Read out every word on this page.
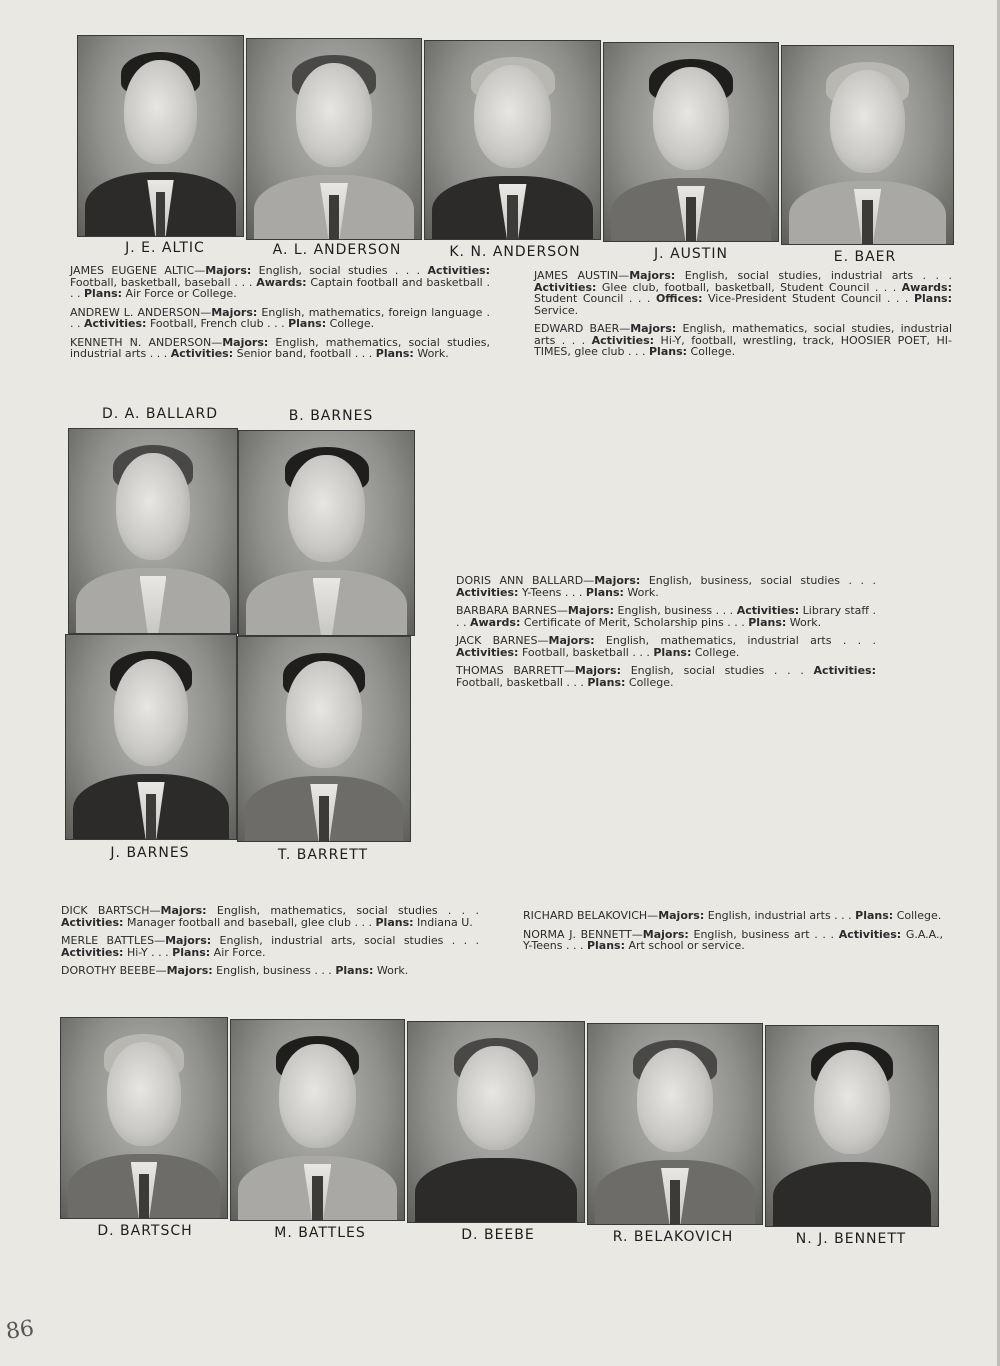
J. E. ALTIC	A. L. ANDERSON	K. N. ANDERSON	J. AUSTIN	E. BAER

JAMES EUGENE ALTIC—Majors: English, social studies . . . Activities: Football, basketball, baseball . . . Awards: Captain football and basketball . . . Plans: Air Force or College.

ANDREW L. ANDERSON—Majors: English, mathematics, foreign language . . . Activities: Football, French club . . . Plans: College.

KENNETH N. ANDERSON—Majors: English, mathematics, social studies, industrial arts . . . Activities: Senior band, football . . . Plans: Work.

JAMES AUSTIN—Majors: English, social studies, industrial arts . . . Activities: Glee club, football, basketball, Student Council . . . Awards: Student Council . . . Offices: Vice-President Student Council . . . Plans: Service.

EDWARD BAER—Majors: English, mathematics, social studies, industrial arts . . . Activities: Hi-Y, football, wrestling, track, HOOSIER POET, HI-TIMES, glee club . . . Plans: College.

D. A. BALLARD	B. BARNES
J. BARNES	T. BARRETT

DORIS ANN BALLARD—Majors: English, business, social studies . . . Activities: Y-Teens . . . Plans: Work.

BARBARA BARNES—Majors: English, business . . . Activities: Library staff . . . Awards: Certificate of Merit, Scholarship pins . . . Plans: Work.

JACK BARNES—Majors: English, mathematics, industrial arts . . . Activities: Football, basketball . . . Plans: College.

THOMAS BARRETT—Majors: English, social studies . . . Activities: Football, basketball . . . Plans: College.

DICK BARTSCH—Majors: English, mathematics, social studies . . . Activities: Manager football and baseball, glee club . . . Plans: Indiana U.

MERLE BATTLES—Majors: English, industrial arts, social studies . . . Activities: Hi-Y . . . Plans: Air Force.

DOROTHY BEEBE—Majors: English, business . . . Plans: Work.

RICHARD BELAKOVICH—Majors: English, industrial arts . . . Plans: College.

NORMA J. BENNETT—Majors: English, business art . . . Activities: G.A.A., Y-Teens . . . Plans: Art school or service.

D. BARTSCH	M. BATTLES	D. BEEBE	R. BELAKOVICH	N. J. BENNETT
86
